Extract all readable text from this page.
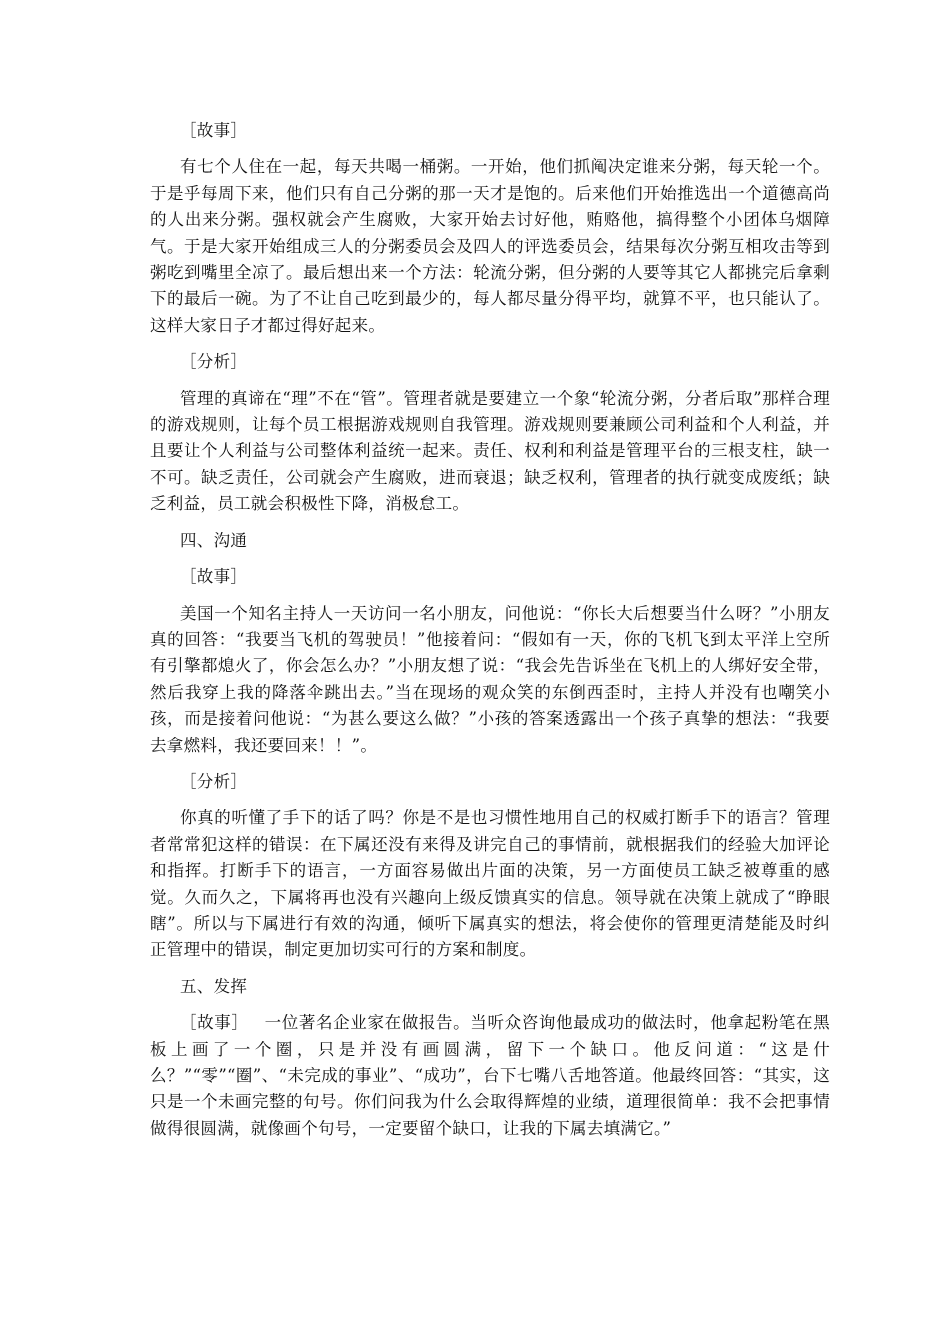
［故事］

有七个人住在一起，每天共喝一桶粥。一开始，他们抓阄决定谁来分粥，每天轮一个。于是乎每周下来，他们只有自己分粥的那一天才是饱的。后来他们开始推选出一个道德高尚的人出来分粥。强权就会产生腐败，大家开始去讨好他，贿赂他，搞得整个小团体乌烟障气。于是大家开始组成三人的分粥委员会及四人的评选委员会，结果每次分粥互相攻击等到粥吃到嘴里全凉了。最后想出来一个方法：轮流分粥，但分粥的人要等其它人都挑完后拿剩下的最后一碗。为了不让自己吃到最少的，每人都尽量分得平均，就算不平，也只能认了。这样大家日子才都过得好起来。

［分析］

管理的真谛在“理”不在“管”。管理者就是要建立一个象“轮流分粥，分者后取”那样合理的游戏规则，让每个员工根据游戏规则自我管理。游戏规则要兼顾公司利益和个人利益，并且要让个人利益与公司整体利益统一起来。责任、权利和利益是管理平台的三根支柱，缺一不可。缺乏责任，公司就会产生腐败，进而衰退；缺乏权利，管理者的执行就变成废纸；缺乏利益，员工就会积极性下降，消极怠工。

四、沟通

［故事］

美国一个知名主持人一天访问一名小朋友，问他说：“你长大后想要当什么呀？”小朋友真的回答：“我要当飞机的驾驶员！”他接着问：“假如有一天，你的飞机飞到太平洋上空所有引擎都熄火了，你会怎么办？”小朋友想了说：“我会先告诉坐在飞机上的人绑好安全带，然后我穿上我的降落伞跳出去。”当在现场的观众笑的东倒西歪时，主持人并没有也嘲笑小孩，而是接着问他说：“为甚么要这么做？”小孩的答案透露出一个孩子真挚的想法：“我要去拿燃料，我还要回来！！”。

［分析］

你真的听懂了手下的话了吗？你是不是也习惯性地用自己的权威打断手下的语言？管理者常常犯这样的错误：在下属还没有来得及讲完自己的事情前，就根据我们的经验大加评论和指挥。打断手下的语言，一方面容易做出片面的决策，另一方面使员工缺乏被尊重的感觉。久而久之，下属将再也没有兴趣向上级反馈真实的信息。领导就在决策上就成了“睁眼瞎”。所以与下属进行有效的沟通，倾听下属真实的想法，将会使你的管理更清楚能及时纠正管理中的错误，制定更加切实可行的方案和制度。

五、发挥

［故事］ 一位著名企业家在做报告。当听众咨询他最成功的做法时，他拿起粉笔在黑板上画了一个圈，只是并没有画圆满，留下一个缺口。他反问道：“这是什么？”“零”“圈”、“未完成的事业”、“成功”，台下七嘴八舌地答道。他最终回答：“其实，这只是一个未画完整的句号。你们问我为什么会取得辉煌的业绩，道理很简单：我不会把事情做得很圆满，就像画个句号，一定要留个缺口，让我的下属去填满它。”
